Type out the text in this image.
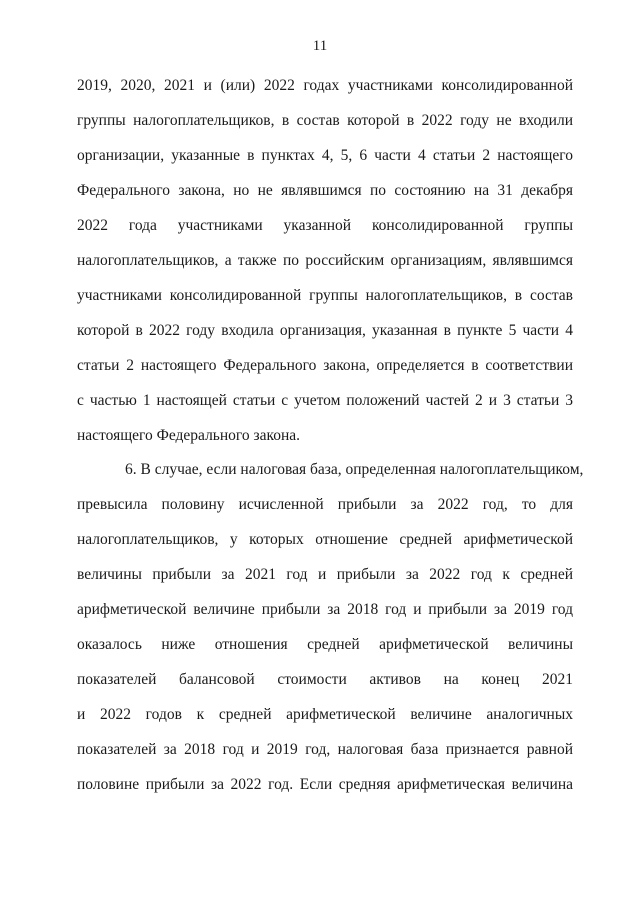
11
2019, 2020, 2021 и (или) 2022 годах участниками консолидированной
группы налогоплательщиков, в состав которой в 2022 году не входили
организации, указанные в пунктах 4, 5, 6 части 4 статьи 2 настоящего
Федерального закона, но не являвшимся по состоянию на 31 декабря
2022 года участниками указанной консолидированной группы
налогоплательщиков, а также по российским организациям, являвшимся
участниками консолидированной группы налогоплательщиков, в состав
которой в 2022 году входила организация, указанная в пункте 5 части 4
статьи 2 настоящего Федерального закона, определяется в соответствии
с частью 1 настоящей статьи с учетом положений частей 2 и 3 статьи 3
настоящего Федерального закона.
6. В случае, если налоговая база, определенная налогоплательщиком,
превысила половину исчисленной прибыли за 2022 год, то для
налогоплательщиков, у которых отношение средней арифметической
величины прибыли за 2021 год и прибыли за 2022 год к средней
арифметической величине прибыли за 2018 год и прибыли за 2019 год
оказалось ниже отношения средней арифметической величины
показателей балансовой стоимости активов на конец 2021
и 2022 годов к средней арифметической величине аналогичных
показателей за 2018 год и 2019 год, налоговая база признается равной
половине прибыли за 2022 год. Если средняя арифметическая величина
